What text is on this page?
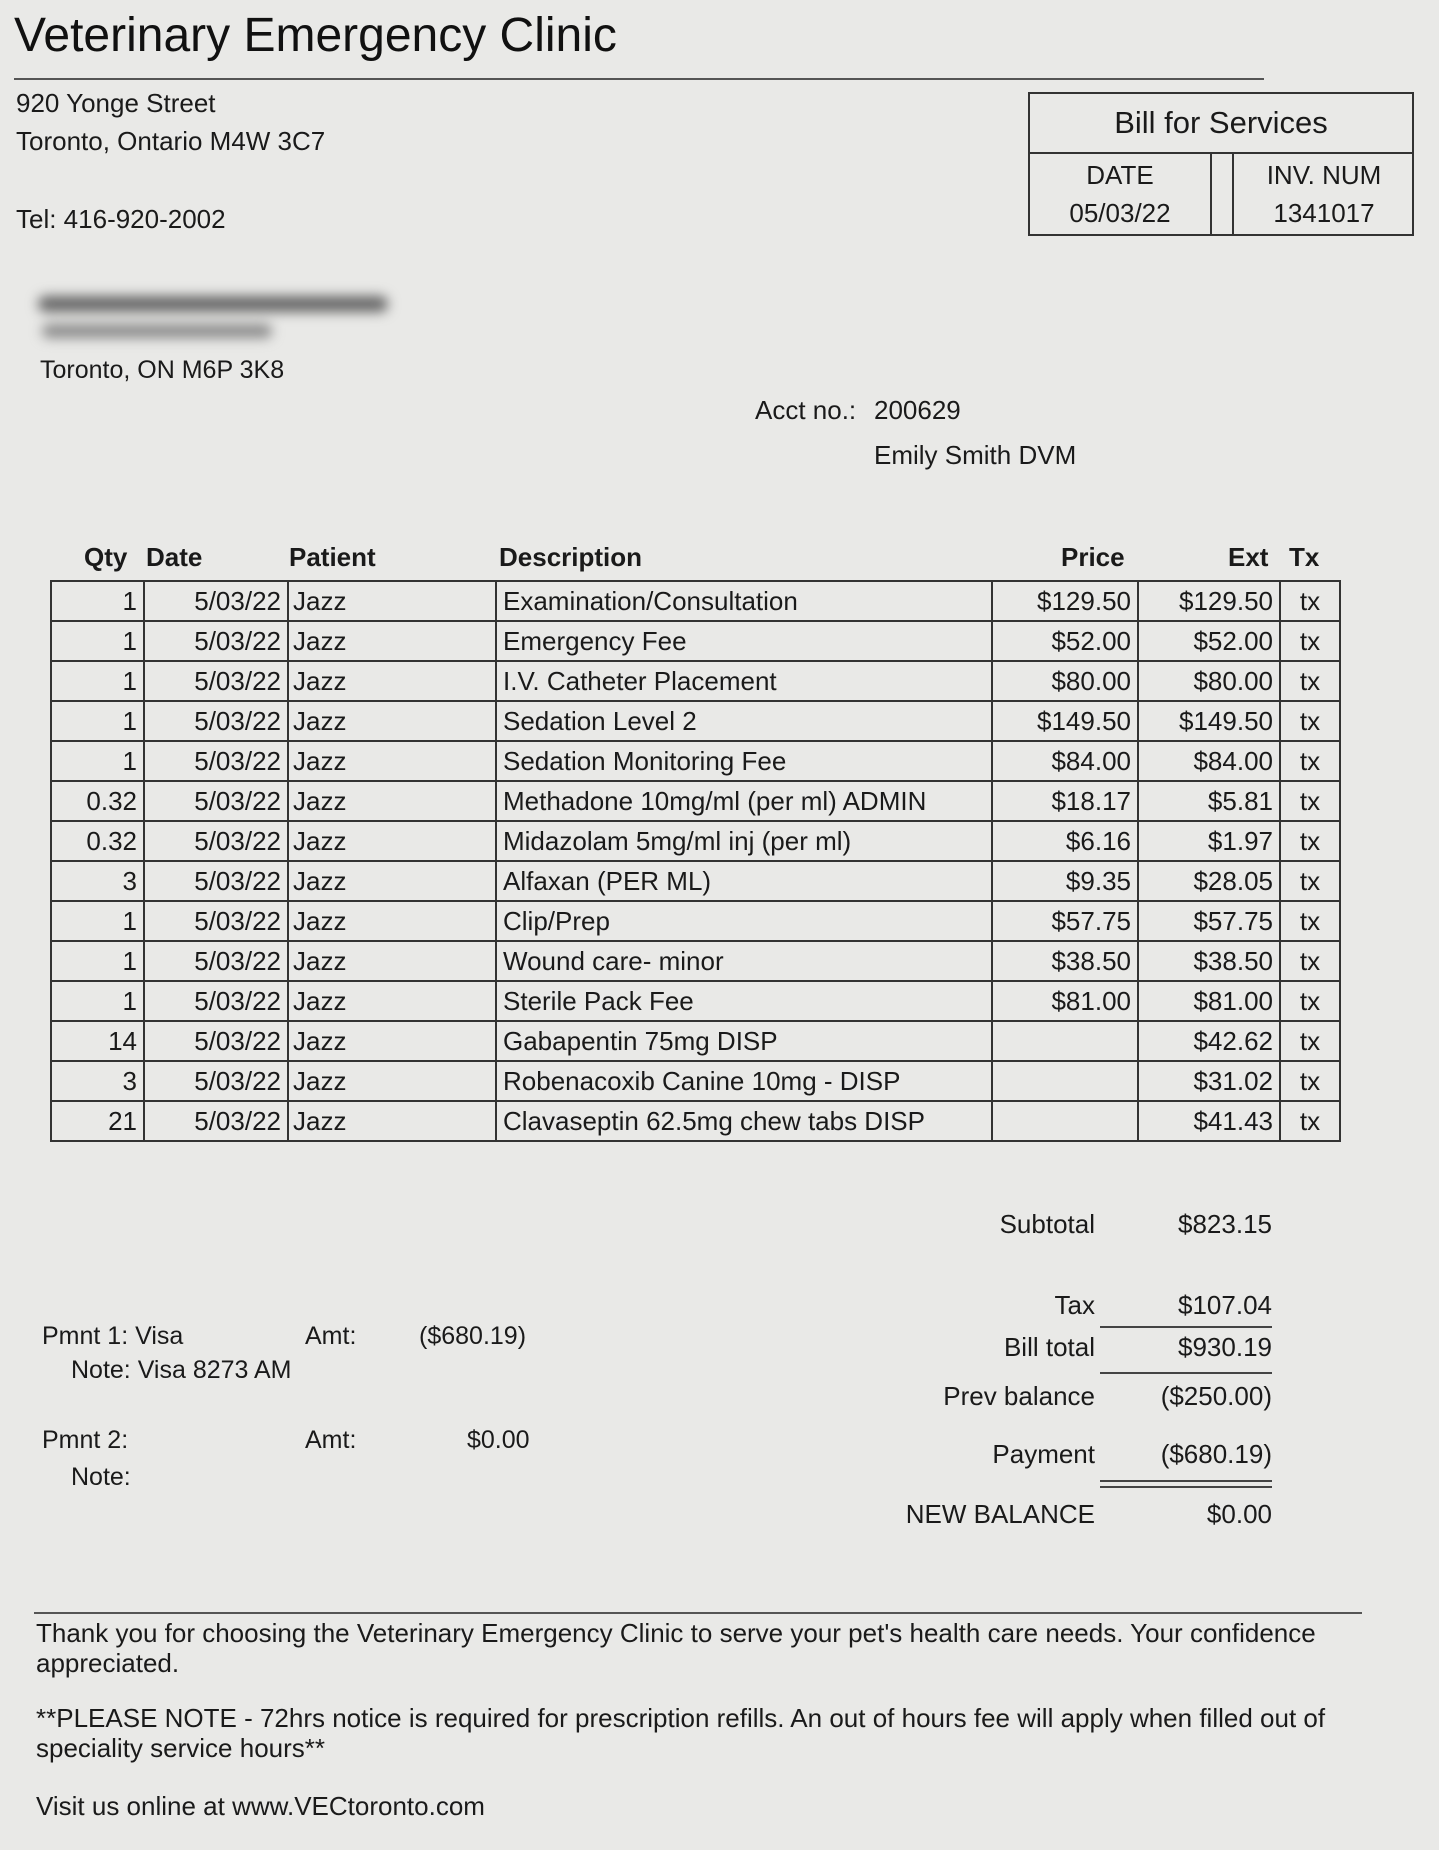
Veterinary Emergency Clinic
920 Yonge Street
Toronto, Ontario M4W 3C7
Tel: 416-920-2002
Bill for Services
DATE
05/03/22
INV. NUM
1341017
Toronto, ON M6P 3K8
Acct no.: 200629
Emily Smith DVM
Qty Date	Patient	Description	Price	Ext Tx
1	5/03/22	Jazz	Examination/Consultation	$129.50	$129.50	tx
1	5/03/22	Jazz	Emergency Fee	$52.00	$52.00	tx
1	5/03/22	Jazz	I.V. Catheter Placement	$80.00	$80.00	tx
1	5/03/22	Jazz	Sedation Level 2	$149.50	$149.50	tx
1	5/03/22	Jazz	Sedation Monitoring Fee	$84.00	$84.00	tx
0.32	5/03/22	Jazz	Methadone 10mg/ml (per ml) ADMIN	$18.17	$5.81	tx
0.32	5/03/22	Jazz	Midazolam 5mg/ml inj (per ml)	$6.16	$1.97	tx
3	5/03/22	Jazz	Alfaxan (PER ML)	$9.35	$28.05	tx
1	5/03/22	Jazz	Clip/Prep	$57.75	$57.75	tx
1	5/03/22	Jazz	Wound care- minor	$38.50	$38.50	tx
1	5/03/22	Jazz	Sterile Pack Fee	$81.00	$81.00	tx
14	5/03/22	Jazz	Gabapentin 75mg DISP		$42.62	tx
3	5/03/22	Jazz	Robenacoxib Canine 10mg - DISP		$31.02	tx
21	5/03/22	Jazz	Clavaseptin 62.5mg chew tabs DISP		$41.43	tx
Pmnt 1: Visa	Amt:	($680.19)
Note: Visa 8273 AM
Pmnt 2:	Amt:	$0.00
Note:
Subtotal	$823.15
Tax	$107.04
Bill total	$930.19
Prev balance	($250.00)
Payment	($680.19)
NEW BALANCE	$0.00
Thank you for choosing the Veterinary Emergency Clinic to serve your pet's health care needs. Your confidence appreciated.
**PLEASE NOTE - 72hrs notice is required for prescription refills. An out of hours fee will apply when filled out of speciality service hours**
Visit us online at www.VECtoronto.com
